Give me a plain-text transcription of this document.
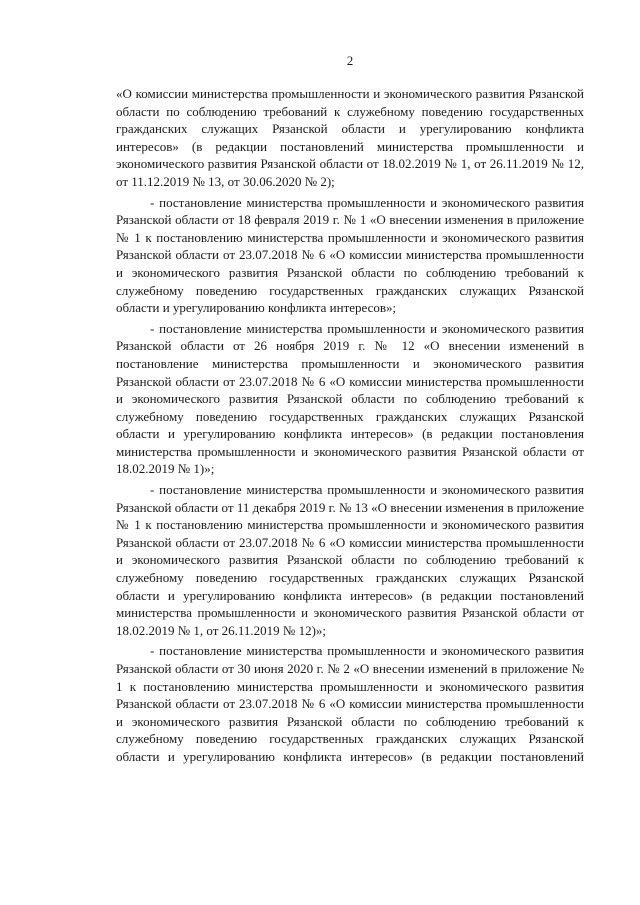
2

«О комиссии министерства промышленности и экономического развития Рязанской области по соблюдению требований к служебному поведению государственных гражданских служащих Рязанской области и урегулированию конфликта интересов» (в редакции постановлений министерства промышленности и экономического развития Рязанской области от 18.02.2019 № 1, от 26.11.2019 № 12, от 11.12.2019 № 13, от 30.06.2020 № 2);

- постановление министерства промышленности и экономического развития Рязанской области от 18 февраля 2019 г. № 1 «О внесении изменения в приложение № 1 к постановлению министерства промышленности и экономического развития Рязанской области от 23.07.2018 № 6 «О комиссии министерства промышленности и экономического развития Рязанской области по соблюдению требований к служебному поведению государственных гражданских служащих Рязанской области и урегулированию конфликта интересов»;

- постановление министерства промышленности и экономического развития Рязанской области от 26 ноября 2019 г. № 12 «О внесении изменений в постановление министерства промышленности и экономического развития Рязанской области от 23.07.2018 № 6 «О комиссии министерства промышленности и экономического развития Рязанской области по соблюдению требований к служебному поведению государственных гражданских служащих Рязанской области и урегулированию конфликта интересов» (в редакции постановления министерства промышленности и экономического развития Рязанской области от 18.02.2019 № 1)»;

- постановление министерства промышленности и экономического развития Рязанской области от 11 декабря 2019 г. № 13 «О внесении изменения в приложение № 1 к постановлению министерства промышленности и экономического развития Рязанской области от 23.07.2018 № 6 «О комиссии министерства промышленности и экономического развития Рязанской области по соблюдению требований к служебному поведению государственных гражданских служащих Рязанской области и урегулированию конфликта интересов» (в редакции постановлений министерства промышленности и экономического развития Рязанской области от 18.02.2019 № 1, от 26.11.2019 № 12)»;

- постановление министерства промышленности и экономического развития Рязанской области от 30 июня 2020 г. № 2 «О внесении изменений в приложение № 1 к постановлению министерства промышленности и экономического развития Рязанской области от 23.07.2018 № 6 «О комиссии министерства промышленности и экономического развития Рязанской области по соблюдению требований к служебному поведению государственных гражданских служащих Рязанской области и урегулированию конфликта интересов» (в редакции постановлений
